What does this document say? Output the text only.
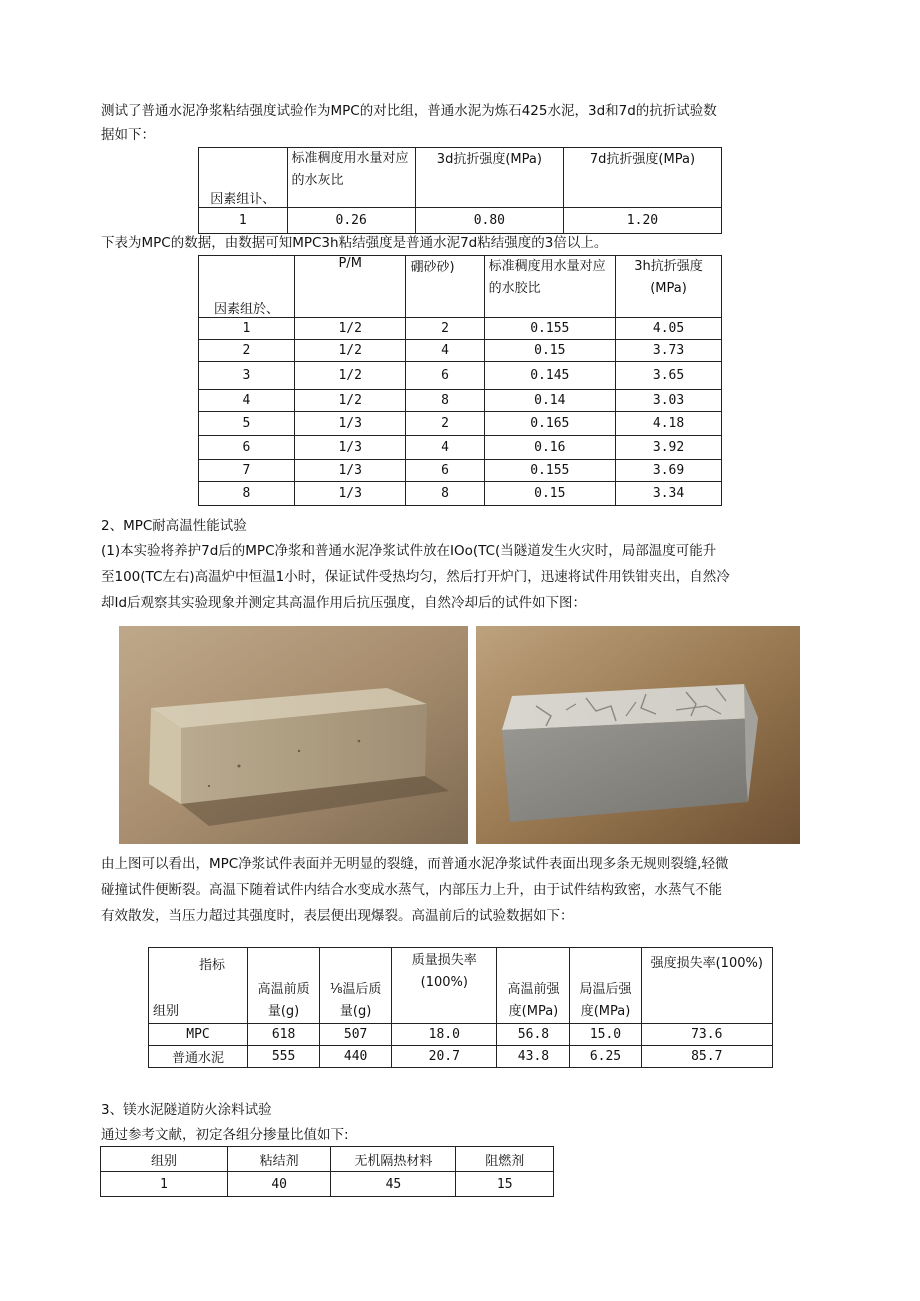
测试了普通水泥净浆粘结强度试验作为MPC的对比组，普通水泥为炼石425水泥，3d和7d的抗折试验数
据如下：
因素组讣、	标准稠度用水量对应的水灰比	3d抗折强度(MPa)	7d抗折强度(MPa)
1	0.26	0.80	1.20
下表为MPC的数据，由数据可知MPC3h粘结强度是普通水泥7d粘结强度的3倍以上。
因素组於、	P/M	硼砂砂)	标准稠度用水量对应的水胶比	3h抗折强度(MPa)
1	1/2	2	0.155	4.05
2	1/2	4	0.15	3.73
3	1/2	6	0.145	3.65
4	1/2	8	0.14	3.03
5	1/3	2	0.165	4.18
6	1/3	4	0.16	3.92
7	1/3	6	0.155	3.69
8	1/3	8	0.15	3.34
2、MPC耐高温性能试验
(1)本实验将养护7d后的MPC净浆和普通水泥净浆试件放在IOo(TC(当隧道发生火灾时，局部温度可能升
至100(TC左右)高温炉中恒温1小时，保证试件受热均匀，然后打开炉门，迅速将试件用铁钳夹出，自然冷
却Id后观察其实验现象并测定其高温作用后抗压强度，自然冷却后的试件如下图：
由上图可以看出，MPC净浆试件表面并无明显的裂缝，而普通水泥净浆试件表面出现多条无规则裂缝,轻微
碰撞试件便断裂。高温下随着试件内结合水变成水蒸气，内部压力上升，由于试件结构致密，水蒸气不能
有效散发，当压力超过其强度时，表层便出现爆裂。高温前后的试验数据如下：
指标
组别	高温前质量(g)	⅛温后质量(g)	质量损失率(100%)	高温前强度(MPa)	局温后强度(MPa)	强度损失率(100%)
MPC	618	507	18.0	56.8	15.0	73.6
普通水泥	555	440	20.7	43.8	6.25	85.7
3、镁水泥隧道防火涂料试验
通过参考文献，初定各组分掺量比值如下:
组别	粘结剂	无机隔热材料	阻燃剂
1	40	45	15
